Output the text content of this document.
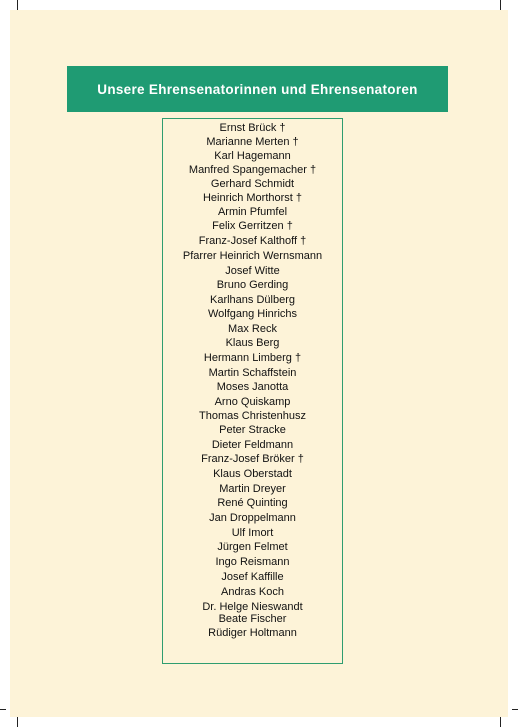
Unsere Ehrensenatorinnen und Ehrensenatoren
Ernst Brück †
Marianne Merten †
Karl Hagemann
Manfred Spangemacher †
Gerhard Schmidt
Heinrich Morthorst †
Armin Pfumfel
Felix Gerritzen †
Franz-Josef Kalthoff †
Pfarrer Heinrich Wernsmann
Josef Witte
Bruno Gerding
Karlhans Dülberg
Wolfgang Hinrichs
Max Reck
Klaus Berg
Hermann Limberg †
Martin Schaffstein
Moses Janotta
Arno Quiskamp
Thomas Christenhusz
Peter Stracke
Dieter Feldmann
Franz-Josef Bröker †
Klaus Oberstadt
Martin Dreyer
René Quinting
Jan Droppelmann
Ulf Imort
Jürgen Felmet
Ingo Reismann
Josef Kaffille
Andras Koch
Dr. Helge Nieswandt
Beate Fischer
Rüdiger Holtmann
